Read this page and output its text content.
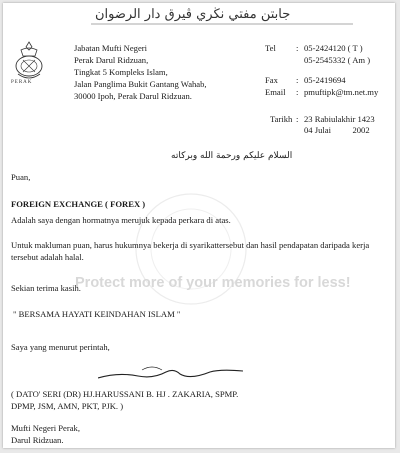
جابتن مفتي نڬري ڤيرق دار الرضوان
PERAK
Jabatan Mufti Negeri
Perak Darul Ridzuan,
Tingkat 5 Kompleks Islam,
Jalan Panglima Bukit Gantang Wahab,
30000 Ipoh, Perak Darul Ridzuan.
Tel : 05-2424120 ( T )
05-2545332 ( Am )
Fax : 05-2419694
Email : pmuftipk@tm.net.my
Tarikh : 23 Rabiulakhir 1423
04 Julai          2002
السلام عليكم ورحمة الله وبركاته
Puan,
FOREIGN EXCHANGE ( FOREX )
Adalah saya dengan hormatnya merujuk kepada perkara di atas.
Untuk makluman puan, harus hukumnya bekerja di syarikattersebut dan hasil pendapatan daripada kerja tersebut adalah halal.
Sekian terima kasih.
Protect more of your memories for less!
" BERSAMA HAYATI KEINDAHAN ISLAM "
Saya yang menurut perintah,
( DATO' SERI (DR) HJ.HARUSSANI B. HJ . ZAKARIA, SPMP.
DPMP, JSM, AMN, PKT, PJK. )
Mufti Negeri Perak,
Darul Ridzuan.
